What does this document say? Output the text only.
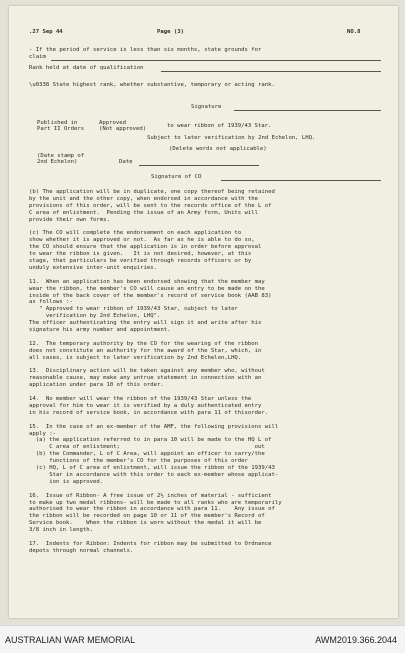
.27 Sep 44	Page (3)	NO.8
- If the period of service is less than six months, state grounds for
claim
Rank held at date of qualification
\u0338 State highest rank, whether substantive, temporary or acting rank.
Signature
Published in
Part II Orders
Approved
(Not approved)	to wear ribbon of 1939/43 Star.
Subject to later verification by 2nd Echelon, LHQ.
(Delete words not applicable)
(Date stamp of
2nd Echelon)	Date
Signature of CO
(b) The application will be in duplicate, one copy thereof being retained
by the unit and the other copy, when endorsed in accordance with the
provisions of this order, will be sent to the records office of the L of
C area of enlistment.  Pending the issue of an Army form, Units will
provide their own forms.
(c) The CO will complete the endorsement on each application to
show whether it is approved or not.  As far as he is able to do so,
the CO should ensure that the application is in order before approval
to wear the ribbon is given.   It is not desired, however, at this
stage, that particulars be verified through records officers or by
unduly extensive inter-unit enquiries.
11.  When an application has been endorsed showing that the member may
wear the ribbon, the member's CO will cause an entry to be made on the
inside of the back cover of the member's record of service book (AAB 83)
as follows :-
" Approved to wear ribbon of 1939/43 Star, subject to later
verification by 2nd Echelon, LHQ".
The officer authenticating the entry will sign it and write after his
signature his army number and appointment.
12.  The temporary authority by the CO for the wearing of the ribbon
does not constitute an authority for the award of the Star, which, in
all cases, is subject to later verification by 2nd Echelon,LHQ.
13.  Disciplinary action will be taken against any member who, without
reasonable cause, may make any untrue statement in connection with an
application under para 10 of this order.
14.  No member will wear the ribbon of the 1939/43 Star unless the
approval for him to wear it is verified by a duly authenticated entry
in his record of service book, in accordance with para 11 of thisorder.
15.  In the case of an ex-member of the AMF, the following provisions will
apply :-
(a) the application referred to in para 10 will be made to the HQ L of
C area of enlistment;                                        out
(b) the Commander, L of C Area, will appoint an officer to carry/the
functions of the member's CO for the purposes of this order
(c) HQ, L of C area of enlistment, will issue the ribbon of the 1939/43
Star in accordance with this order to each ex-member whose applicat-
ion is approved.
16.  Issue of Ribbon- A free issue of 2½ inches of material - sufficient
to make up two medal ribbons- will be made to all ranks who are temporarily
authorised to wear the ribbon in accordance with para 11.    Any issue of
the ribbon will be recorded on page 10 or 11 of the member's Record of
Service book.    When the ribbon is worn without the medal it will be
3/8 inch in length.
17.  Indents for Ribbon: Indents for ribbon may be submitted to Ordnance
depots through normal channels.
AUSTRALIAN WAR MEMORIAL	AWM2019.366.2044
